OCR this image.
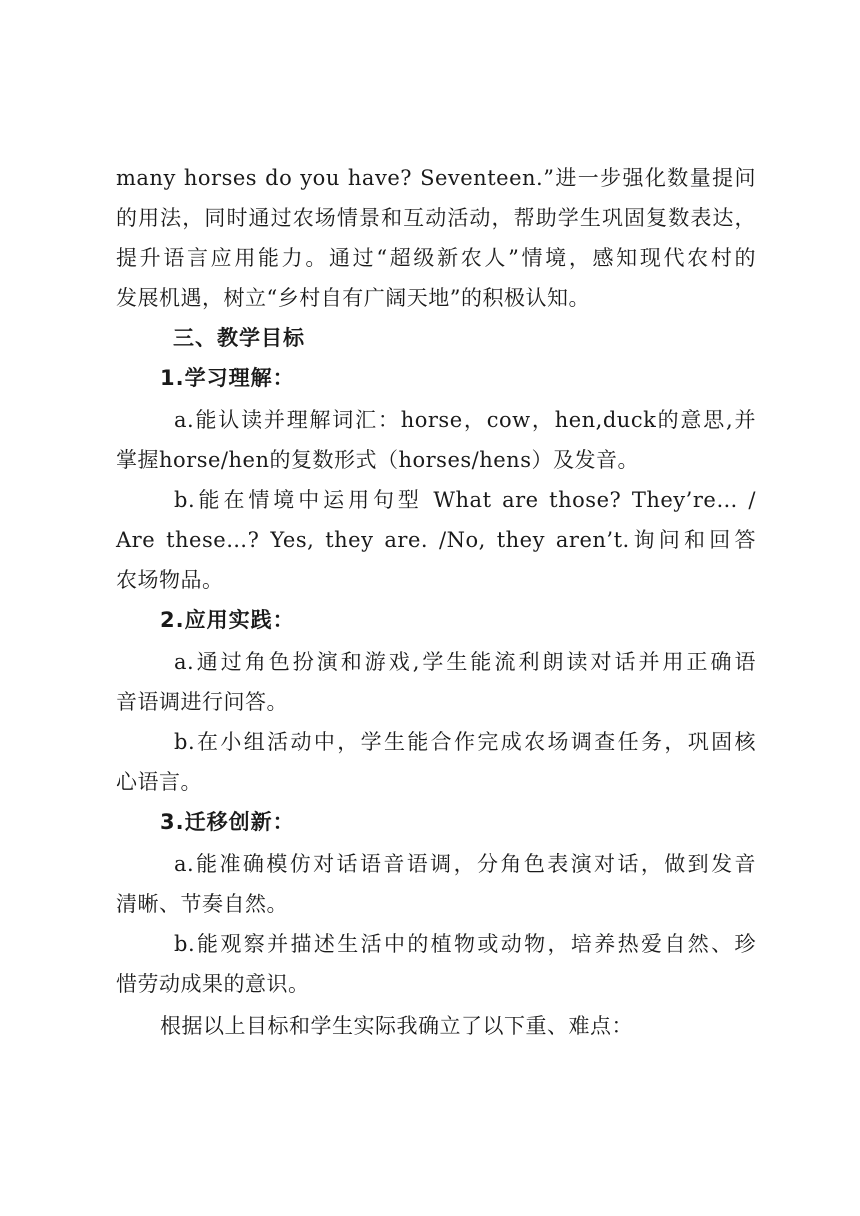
many horses do you have? Seventeen.”进一步强化数量提问
的用法，同时通过农场情景和互动活动，帮助学生巩固复数表达，
提升语言应用能力。通过“超级新农人”情境，感知现代农村的
发展机遇，树立“乡村自有广阔天地”的积极认知。
三、教学目标
1.学习理解：
a.能认读并理解词汇：horse，cow，hen,duck的意思,并
掌握horse/hen的复数形式（horses/hens）及发音。
b.能在情境中运用句型 What are those? They’re… /
Are these…? Yes, they are. /No, they aren’t.询问和回答
农场物品。
2.应用实践：
a.通过角色扮演和游戏,学生能流利朗读对话并用正确语
音语调进行问答。
b.在小组活动中，学生能合作完成农场调查任务，巩固核
心语言。
3.迁移创新：
a.能准确模仿对话语音语调，分角色表演对话，做到发音
清晰、节奏自然。
b.能观察并描述生活中的植物或动物，培养热爱自然、珍
惜劳动成果的意识。
根据以上目标和学生实际我确立了以下重、难点：
